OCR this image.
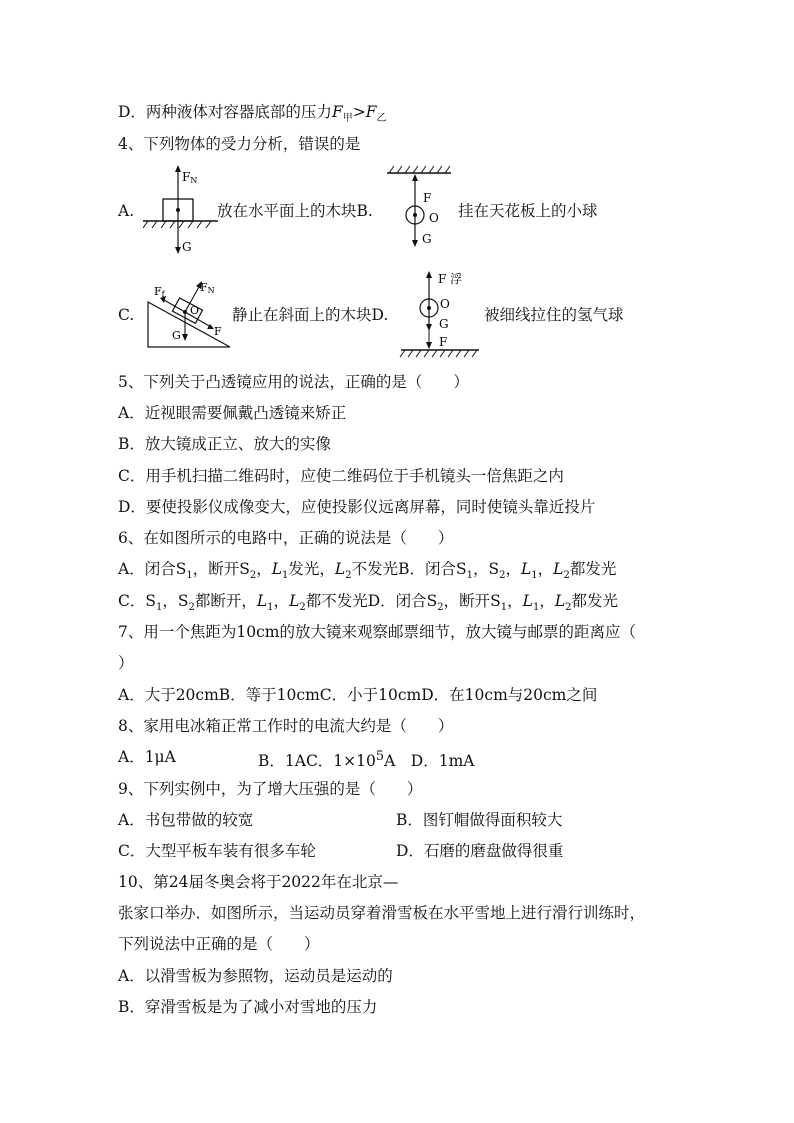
D．两种液体对容器底部的压力$F_甲>F_乙$
4、下列物体的受力分析，错误的是
A.
FN
G
放在水平面上的木块B.
F
O
G
挂在天花板上的小球
C.
Ff
FN
O
F
G
静止在斜面上的木块D.
F 浮
O
G
F
被细线拉住的氢气球
5、下列关于凸透镜应用的说法，正确的是（　　）
A．近视眼需要佩戴凸透镜来矫正
B．放大镜成正立、放大的实像
C．用手机扫描二维码时，应使二维码位于手机镜头一倍焦距之内
D．要使投影仪成像变大，应使投影仪远离屏幕，同时使镜头靠近投片
6、在如图所示的电路中，正确的说法是（　　）
A．闭合$S_1$，断开$S_2$，$L_1$发光，$L_2$不发光B．闭合$S_1$，$S_2$，$L_1$，$L_2$都发光
C．$S_1$，$S_2$都断开，$L_1$，$L_2$都不发光D．闭合$S_2$，断开$S_1$，$L_1$，$L_2$都发光
7、用一个焦距为10cm的放大镜来观察邮票细节，放大镜与邮票的距离应（
）
A．大于20cmB．等于10cmC．小于10cmD．在10cm与20cm之间
8、家用电冰箱正常工作时的电流大约是（　　）
A．1μA	B．1AC．$1\times 10^5A$　D．1mA
9、下列实例中，为了增大压强的是（　　）
A．书包带做的较宽	B．图钉帽做得面积较大
C．大型平板车装有很多车轮	D．石磨的磨盘做得很重
10、第24届冬奥会将于2022年在北京—
张家口举办．如图所示，当运动员穿着滑雪板在水平雪地上进行滑行训练时，
下列说法中正确的是（　　）
A．以滑雪板为参照物，运动员是运动的
B．穿滑雪板是为了减小对雪地的压力
